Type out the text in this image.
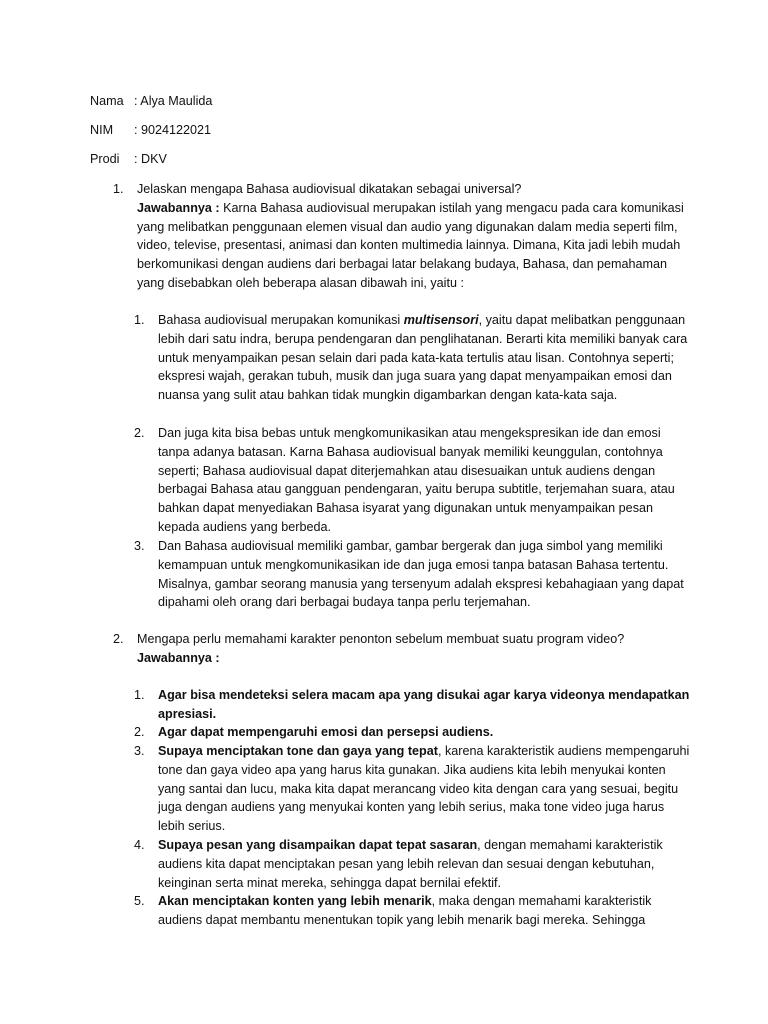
Nama : Alya Maulida
NIM : 9024122021
Prodi : DKV
1. Jelaskan mengapa Bahasa audiovisual dikatakan sebagai universal?
Jawabannya : Karna Bahasa audiovisual merupakan istilah yang mengacu pada cara komunikasi yang melibatkan penggunaan elemen visual dan audio yang digunakan dalam media seperti film, video, televise, presentasi, animasi dan konten multimedia lainnya. Dimana, Kita jadi lebih mudah berkomunikasi dengan audiens dari berbagai latar belakang budaya, Bahasa, dan pemahaman yang disebabkan oleh beberapa alasan dibawah ini, yaitu :
1. Bahasa audiovisual merupakan komunikasi multisensori, yaitu dapat melibatkan penggunaan lebih dari satu indra, berupa pendengaran dan penglihatanan. Berarti kita memiliki banyak cara untuk menyampaikan pesan selain dari pada kata-kata tertulis atau lisan. Contohnya seperti; ekspresi wajah, gerakan tubuh, musik dan juga suara yang dapat menyampaikan emosi dan nuansa yang sulit atau bahkan tidak mungkin digambarkan dengan kata-kata saja.
2. Dan juga kita bisa bebas untuk mengkomunikasikan atau mengekspresikan ide dan emosi tanpa adanya batasan. Karna Bahasa audiovisual banyak memiliki keunggulan, contohnya seperti; Bahasa audiovisual dapat diterjemahkan atau disesuaikan untuk audiens dengan berbagai Bahasa atau gangguan pendengaran, yaitu berupa subtitle, terjemahan suara, atau bahkan dapat menyediakan Bahasa isyarat yang digunakan untuk menyampaikan pesan kepada audiens yang berbeda.
3. Dan Bahasa audiovisual memiliki gambar, gambar bergerak dan juga simbol yang memiliki kemampuan untuk mengkomunikasikan ide dan juga emosi tanpa batasan Bahasa tertentu. Misalnya, gambar seorang manusia yang tersenyum adalah ekspresi kebahagiaan yang dapat dipahami oleh orang dari berbagai budaya tanpa perlu terjemahan.
2. Mengapa perlu memahami karakter penonton sebelum membuat suatu program video?
Jawabannya :
1. Agar bisa mendeteksi selera macam apa yang disukai agar karya videonya mendapatkan apresiasi.
2. Agar dapat mempengaruhi emosi dan persepsi audiens.
3. Supaya menciptakan tone dan gaya yang tepat, karena karakteristik audiens mempengaruhi tone dan gaya video apa yang harus kita gunakan. Jika audiens kita lebih menyukai konten yang santai dan lucu, maka kita dapat merancang video kita dengan cara yang sesuai, begitu juga dengan audiens yang menyukai konten yang lebih serius, maka tone video juga harus lebih serius.
4. Supaya pesan yang disampaikan dapat tepat sasaran, dengan memahami karakteristik audiens kita dapat menciptakan pesan yang lebih relevan dan sesuai dengan kebutuhan, keinginan serta minat mereka, sehingga dapat bernilai efektif.
5. Akan menciptakan konten yang lebih menarik, maka dengan memahami karakteristik audiens dapat membantu menentukan topik yang lebih menarik bagi mereka. Sehingga
